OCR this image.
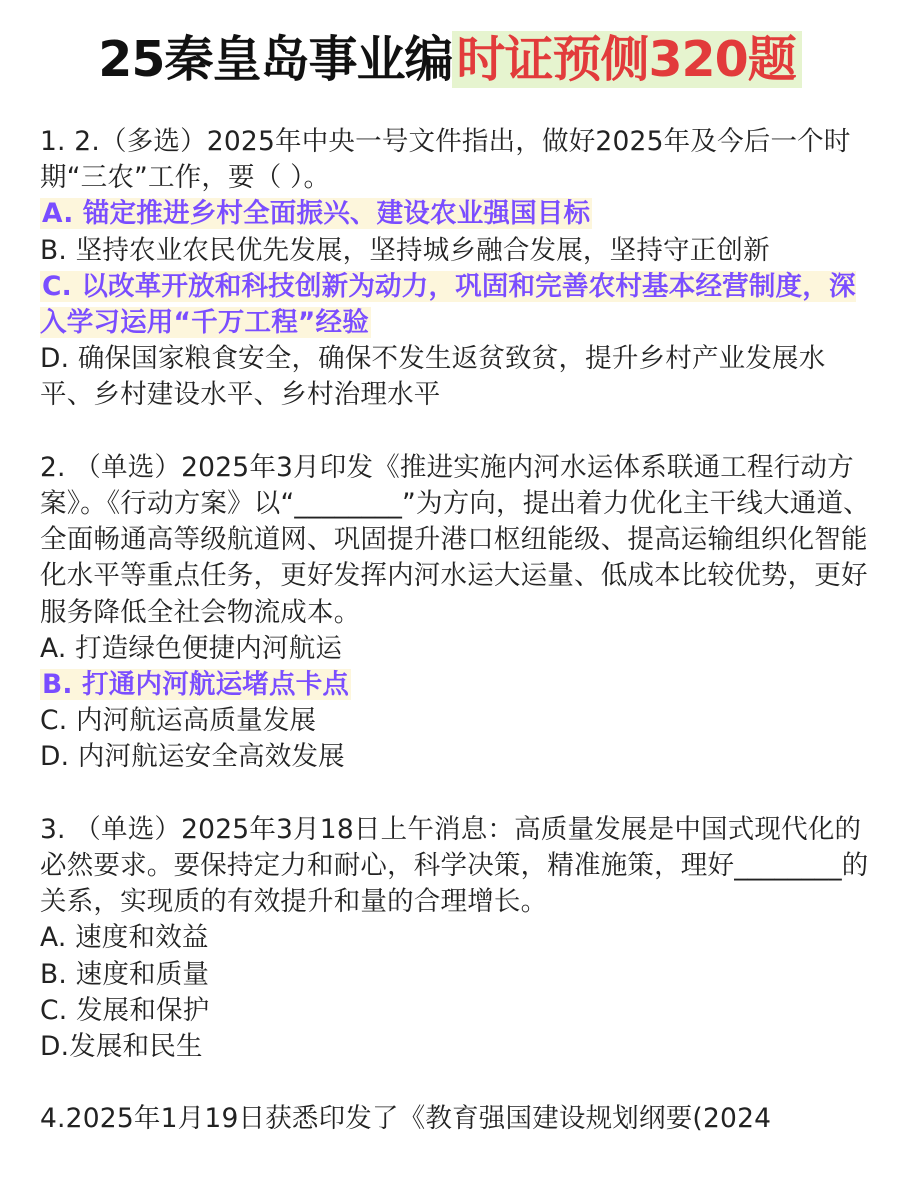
25秦皇岛事业编时证预侧320题
1. 2.（多选）2025年中央一号文件指出，做好2025年及今后一个时期“三农”工作，要（ ）。
A. 锚定推进乡村全面振兴、建设农业强国目标
B. 坚持农业农民优先发展，坚持城乡融合发展，坚持守正创新
C. 以改革开放和科技创新为动力，巩固和完善农村基本经营制度，深入学习运用“千万工程”经验
D. 确保国家粮食安全，确保不发生返贫致贫，提升乡村产业发展水平、乡村建设水平、乡村治理水平
2. （单选）2025年3月印发《推进实施内河水运体系联通工程行动方案》。《行动方案》以“________”为方向，提出着力优化主干线大通道、全面畅通高等级航道网、巩固提升港口枢纽能级、提高运输组织化智能化水平等重点任务，更好发挥内河水运大运量、低成本比较优势，更好服务降低全社会物流成本。
A. 打造绿色便捷内河航运
B. 打通内河航运堵点卡点
C. 内河航运高质量发展
D. 内河航运安全高效发展
3. （单选）2025年3月18日上午消息：高质量发展是中国式现代化的必然要求。要保持定力和耐心，科学决策，精准施策，理好________的关系，实现质的有效提升和量的合理增长。
A. 速度和效益
B. 速度和质量
C. 发展和保护
D.发展和民生
4.2025年1月19日获悉印发了《教育强国建设规划纲要(2024
